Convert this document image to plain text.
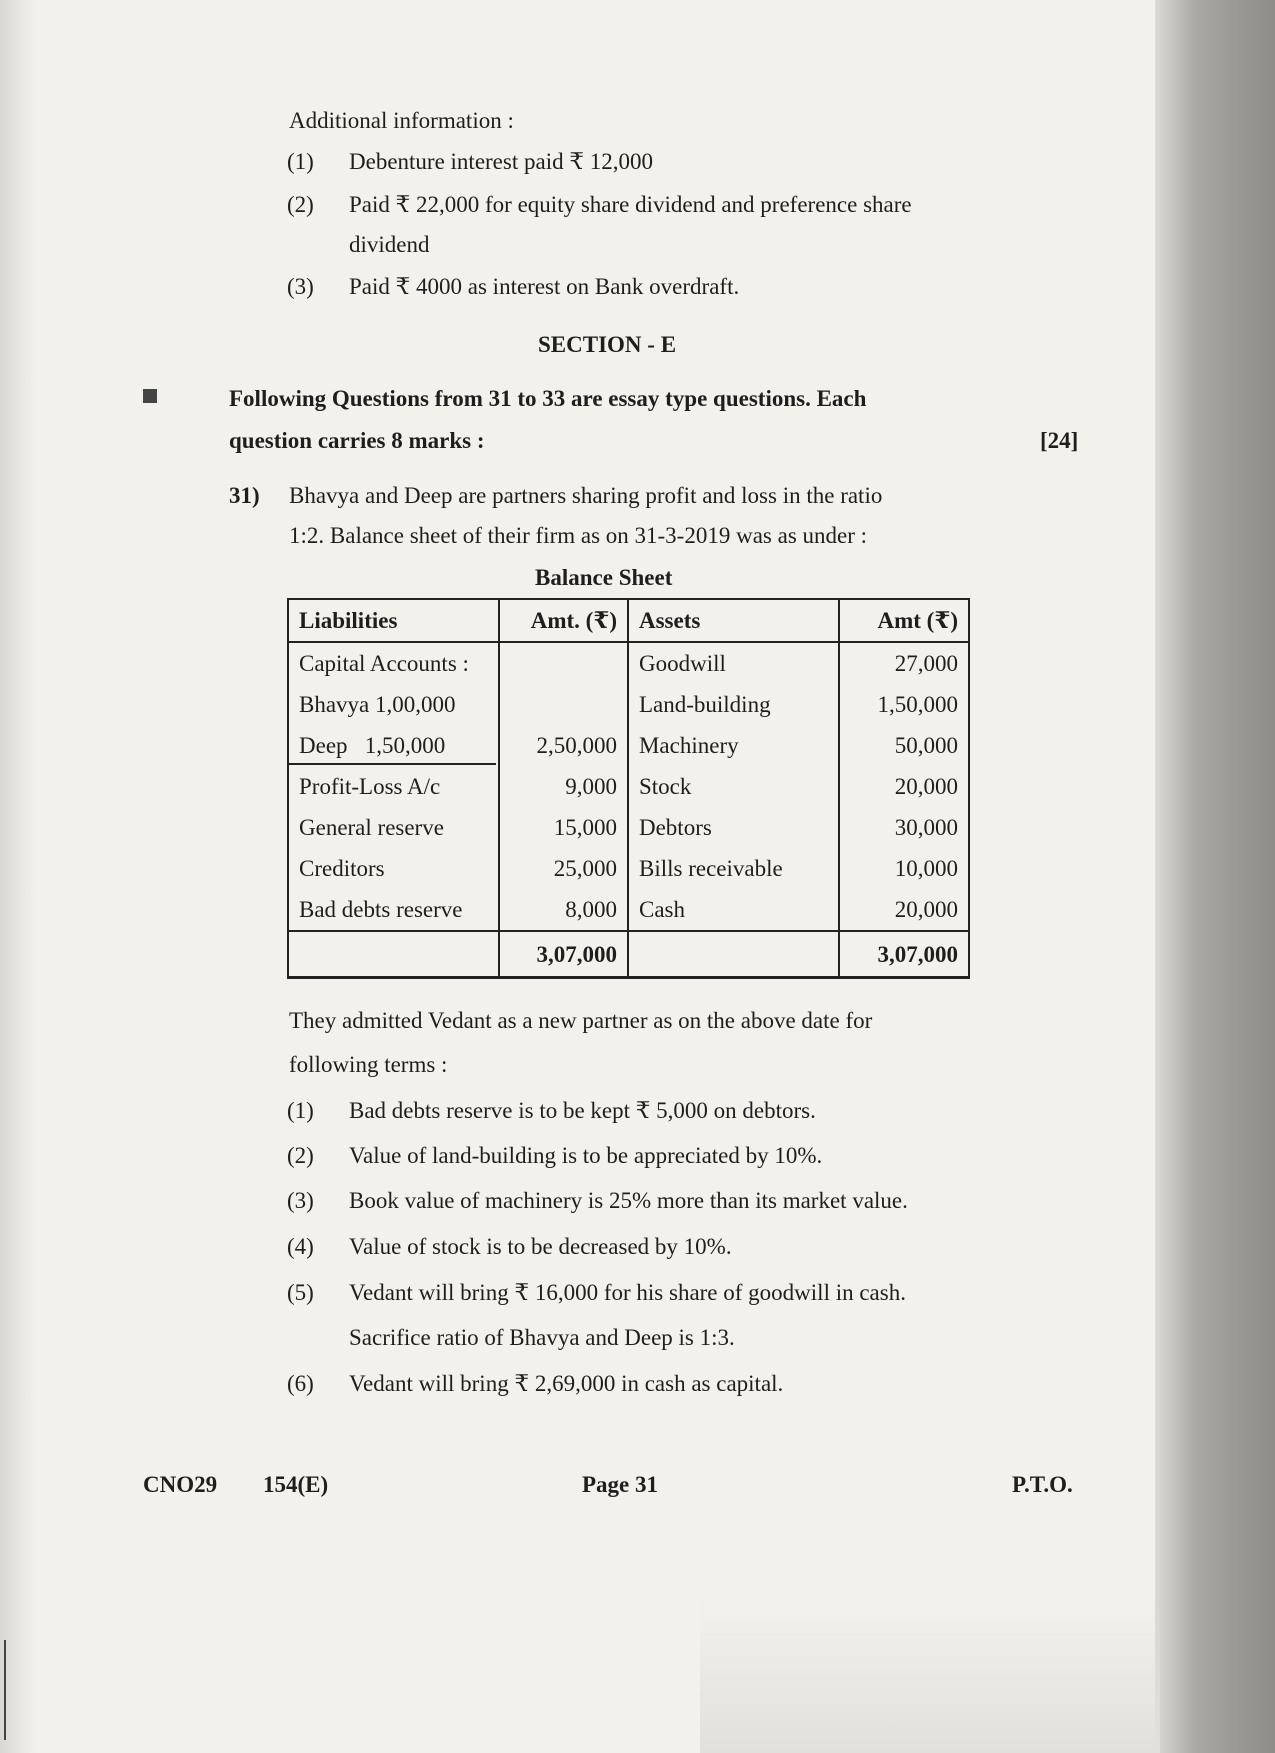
Additional information :
(1) Debenture interest paid ₹ 12,000
(2) Paid ₹ 22,000 for equity share dividend and preference share
dividend
(3) Paid ₹ 4000 as interest on Bank overdraft.
SECTION - E
Following Questions from 31 to 33 are essay type questions. Each
question carries 8 marks :	[24]
31) Bhavya and Deep are partners sharing profit and loss in the ratio
1:2. Balance sheet of their firm as on 31-3-2019 was as under :
Balance Sheet
Liabilities	Amt. (₹)	Assets	Amt (₹)
Capital Accounts :		Goodwill	27,000
Bhavya 1,00,000		Land-building	1,50,000
Deep   1,50,000	2,50,000	Machinery	50,000
Profit-Loss A/c	9,000	Stock	20,000
General reserve	15,000	Debtors	30,000
Creditors	25,000	Bills receivable	10,000
Bad debts reserve	8,000	Cash	20,000
	3,07,000		3,07,000
They admitted Vedant as a new partner as on the above date for
following terms :
(1) Bad debts reserve is to be kept ₹ 5,000 on debtors.
(2) Value of land-building is to be appreciated by 10%.
(3) Book value of machinery is 25% more than its market value.
(4) Value of stock is to be decreased by 10%.
(5) Vedant will bring ₹ 16,000 for his share of goodwill in cash.
Sacrifice ratio of Bhavya and Deep is 1:3.
(6) Vedant will bring ₹ 2,69,000 in cash as capital.
CNO29 154(E)	Page 31	P.T.O.
